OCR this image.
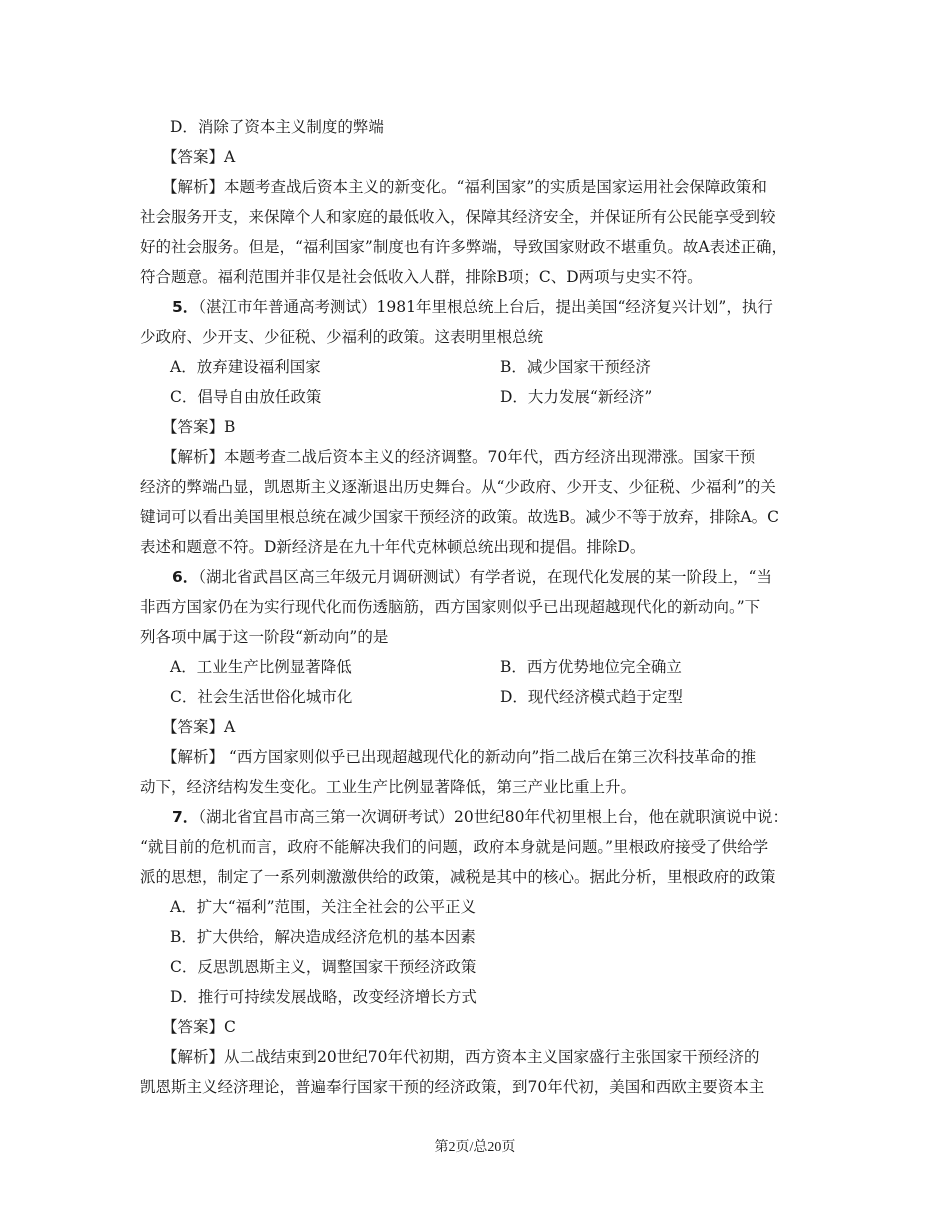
D．消除了资本主义制度的弊端
【答案】A
【解析】本题考查战后资本主义的新变化。“福利国家”的实质是国家运用社会保障政策和
社会服务开支，来保障个人和家庭的最低收入，保障其经济安全，并保证所有公民能享受到较
好的社会服务。但是，“福利国家”制度也有许多弊端，导致国家财政不堪重负。故A表述正确，
符合题意。福利范围并非仅是社会低收入人群，排除B项；C、D两项与史实不符。
5．（湛江市年普通高考测试）1981年里根总统上台后，提出美国“经济复兴计划”，执行
少政府、少开支、少征税、少福利的政策。这表明里根总统
A．放弃建设福利国家	B．减少国家干预经济
C．倡导自由放任政策	D．大力发展“新经济”
【答案】B
【解析】本题考查二战后资本主义的经济调整。70年代，西方经济出现滞涨。国家干预
经济的弊端凸显，凯恩斯主义逐渐退出历史舞台。从“少政府、少开支、少征税、少福利”的关
键词可以看出美国里根总统在减少国家干预经济的政策。故选B。减少不等于放弃，排除A。C
表述和题意不符。D新经济是在九十年代克林顿总统出现和提倡。排除D。
6．（湖北省武昌区高三年级元月调研测试）有学者说，在现代化发展的某一阶段上，“当
非西方国家仍在为实行现代化而伤透脑筋，西方国家则似乎已出现超越现代化的新动向。”下
列各项中属于这一阶段“新动向”的是
A．工业生产比例显著降低	B．西方优势地位完全确立
C．社会生活世俗化城市化	D．现代经济模式趋于定型
【答案】A
【解析】 “西方国家则似乎已出现超越现代化的新动向”指二战后在第三次科技革命的推
动下，经济结构发生变化。工业生产比例显著降低，第三产业比重上升。
7．（湖北省宜昌市高三第一次调研考试）20世纪80年代初里根上台，他在就职演说中说：
“就目前的危机而言，政府不能解决我们的问题，政府本身就是问题。”里根政府接受了供给学
派的思想，制定了一系列刺激激供给的政策，减税是其中的核心。据此分析，里根政府的政策
A．扩大“福利”范围，关注全社会的公平正义
B．扩大供给，解决造成经济危机的基本因素
C．反思凯恩斯主义，调整国家干预经济政策
D．推行可持续发展战略，改变经济增长方式
【答案】C
【解析】从二战结束到20世纪70年代初期，西方资本主义国家盛行主张国家干预经济的
凯恩斯主义经济理论，普遍奉行国家干预的经济政策，到70年代初，美国和西欧主要资本主
第2页/总20页
